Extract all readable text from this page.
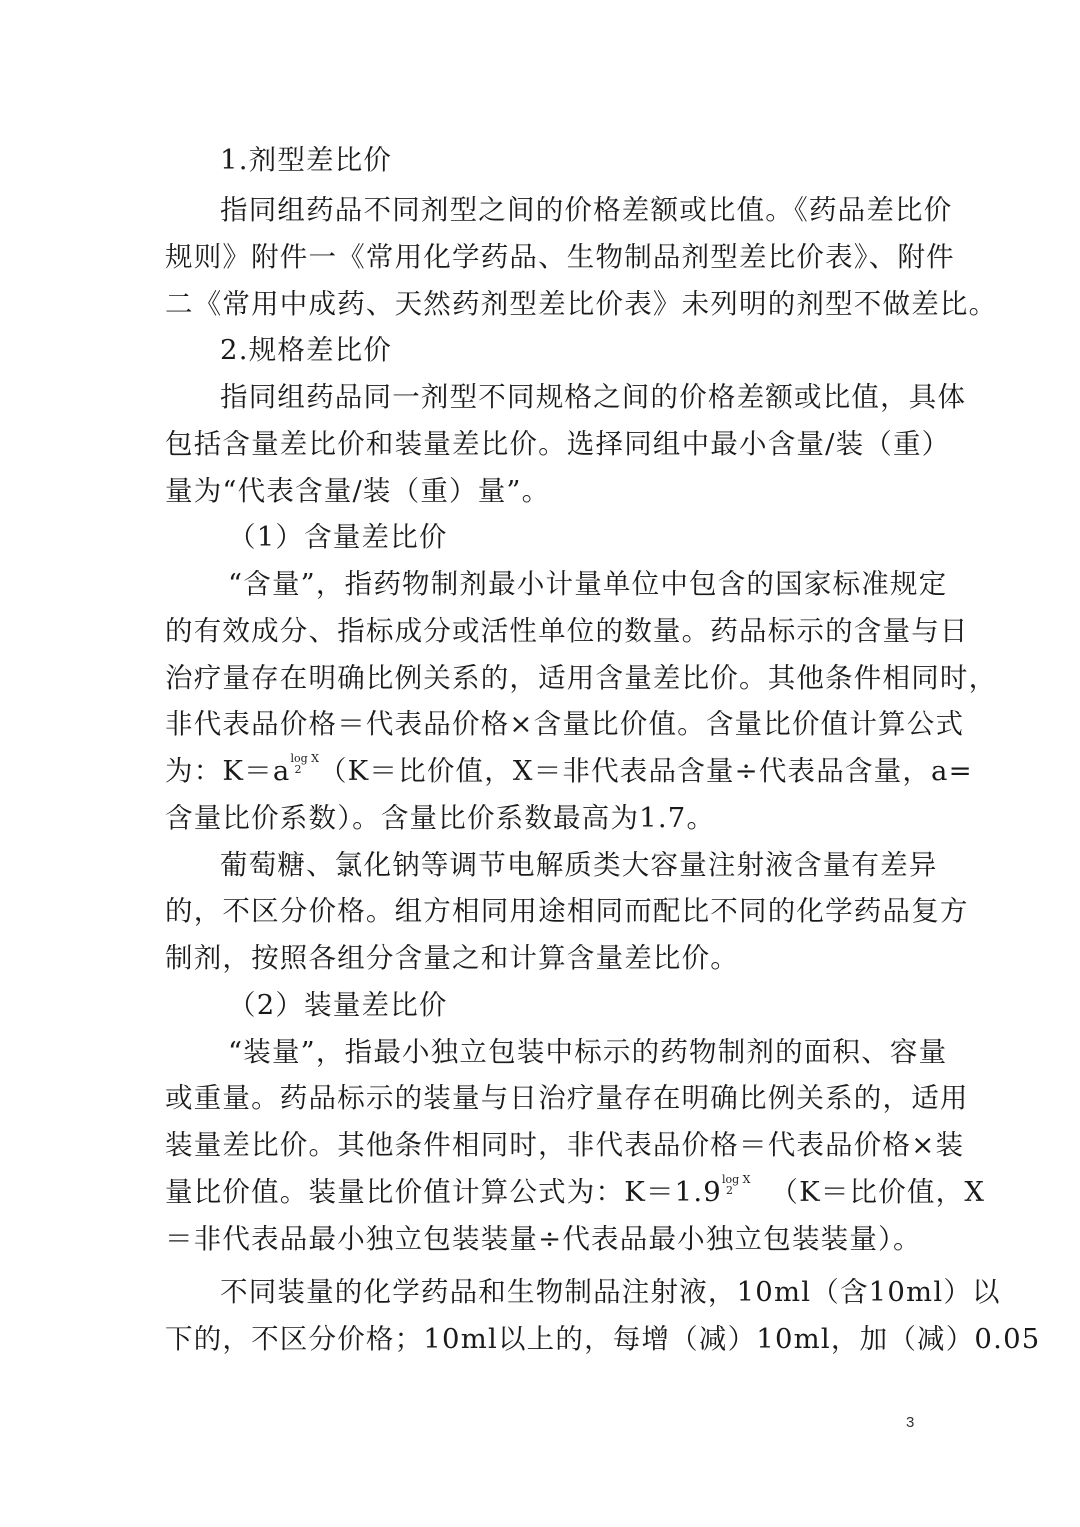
1.剂型差比价
指同组药品不同剂型之间的价格差额或比值。《药品差比价
规则》附件一《常用化学药品、生物制品剂型差比价表》、附件
二《常用中成药、天然药剂型差比价表》未列明的剂型不做差比。
2.规格差比价
指同组药品同一剂型不同规格之间的价格差额或比值，具体
包括含量差比价和装量差比价。选择同组中最小含量/装（重）
量为“代表含量/装（重）量”。
（1）含量差比价
“含量”，指药物制剂最小计量单位中包含的国家标准规定
的有效成分、指标成分或活性单位的数量。药品标示的含量与日
治疗量存在明确比例关系的，适用含量差比价。其他条件相同时，
非代表品价格＝代表品价格×含量比价值。含量比价值计算公式
为：K＝a $^{log X 2}$ （K＝比价值，X＝非代表品含量÷代表品含量，a=
含量比价系数）。含量比价系数最高为1.7。
葡萄糖、氯化钠等调节电解质类大容量注射液含量有差异
的，不区分价格。组方相同用途相同而配比不同的化学药品复方
制剂，按照各组分含量之和计算含量差比价。
（2）装量差比价
“装量”，指最小独立包装中标示的药物制剂的面积、容量
或重量。药品标示的装量与日治疗量存在明确比例关系的，适用
装量差比价。其他条件相同时，非代表品价格＝代表品价格×装
量比价值。装量比价值计算公式为：K＝1.9 $^{log X 2}$	（K＝比价值，X
＝非代表品最小独立包装装量÷代表品最小独立包装装量）。
不同装量的化学药品和生物制品注射液，10ml（含10ml）以
下的，不区分价格；10ml以上的，每增（减）10ml，加（减）0.05
3
